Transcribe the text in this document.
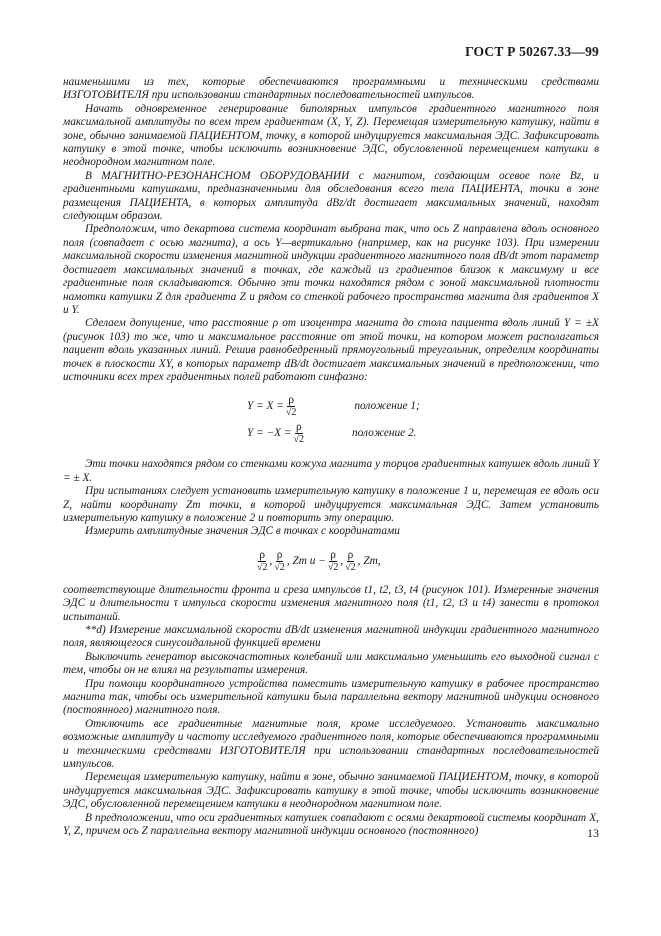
ГОСТ Р 50267.33—99

наименьшими из тех, которые обеспечиваются программными и техническими средствами ИЗГОТОВИТЕЛЯ при использовании стандартных последовательностей импульсов.

Начать одновременное генерирование биполярных импульсов градиентного магнитного поля максимальной амплитуды по всем трем градиентам (X, Y, Z). Перемещая измерительную катушку, найти в зоне, обычно занимаемой ПАЦИЕНТОМ, точку, в которой индуцируется максимальная ЭДС. Зафиксировать катушку в этой точке, чтобы исключить возникновение ЭДС, обусловленной перемещением катушки в неоднородном магнитном поле.

В МАГНИТНО-РЕЗОНАНСНОМ ОБОРУДОВАНИИ с магнитом, создающим осевое поле Bz, и градиентными катушками, предназначенными для обследования всего тела ПАЦИЕНТА, точки в зоне размещения ПАЦИЕНТА, в которых амплитуда dBz/dt достигает максимальных значений, находят следующим образом.

Предположим, что декартова система координат выбрана так, что ось Z направлена вдоль основного поля (совпадает с осью магнита), а ось Y—вертикально (например, как на рисунке 103). При измерении максимальной скорости изменения магнитной индукции градиентного магнитного поля dB/dt этот параметр достигает максимальных значений в точках, где каждый из градиентов близок к максимуму и все градиентные поля складываются. Обычно эти точки находятся рядом с зоной максимальной плотности намотки катушки Z для градиента Z и рядом со стенкой рабочего пространства магнита для градиентов X и Y.

Сделаем допущение, что расстояние ρ от изоцентра магнита до стола пациента вдоль линий Y = ±X (рисунок 103) то же, что и максимальное расстояние от этой точки, на котором может располагаться пациент вдоль указанных линий. Решив равнобедренный прямоугольный треугольник, определим координаты точек в плоскости XY, в которых параметр dB/dt достигает максимальных значений в предположении, что источники всех трех градиентных полей работают синфазно:

$Y = X = \frac{\rho}{√2}$	положение 1;
$Y = -X = \frac{\rho}{√2}$	положение 2.

Эти точки находятся рядом со стенками кожуха магнита у торцов градиентных катушек вдоль линий Y = ± X.

При испытаниях следует установить измерительную катушку в положение 1 и, перемещая ее вдоль оси Z, найти координату Zm точки, в которой индуцируется максимальная ЭДС. Затем установить измерительную катушку в положение 2 и повторить эту операцию.

Измерить амплитудные значения ЭДС в точках с координатами

$\frac{\rho}{√2}$ , $\frac{\rho}{√2}$ , Zm $и - \frac{\rho}{√2}$ , $\frac{\rho}{√2}$ , Zm,

соответствующие длительности фронта и среза импульсов t1, t2, t3, t4 (рисунок 101). Измеренные значения ЭДС и длительности τ импульса скорости изменения магнитного поля (t1, t2, t3 и t4) занести в протокол испытаний.

**d) Измерение максимальной скорости dB/dt изменения магнитной индукции градиентного магнитного поля, являющегося синусоидальной функцией времени

Выключить генератор высокочастотных колебаний или максимально уменьшить его выходной сигнал с тем, чтобы он не влиял на результаты измерения.

При помощи координатного устройства поместить измерительную катушку в рабочее пространство магнита так, чтобы ось измерительной катушки была параллельна вектору магнитной индукции основного (постоянного) магнитного поля.

Отключить все градиентные магнитные поля, кроме исследуемого. Установить максимально возможные амплитуду и частоту исследуемого градиентного поля, которые обеспечиваются программными и техническими средствами ИЗГОТОВИТЕЛЯ при использовании стандартных последовательностей импульсов.

Перемещая измерительную катушку, найти в зоне, обычно занимаемой ПАЦИЕНТОМ, точку, в которой индуцируется максимальная ЭДС. Зафиксировать катушку в этой точке, чтобы исключить возникновение ЭДС, обусловленной перемещением катушки в неоднородном магнитном поле.

В предположении, что оси градиентных катушек совпадают с осями декартовой системы координат X, Y, Z, причем ось Z параллельна вектору магнитной индукции основного (постоянного)	13
